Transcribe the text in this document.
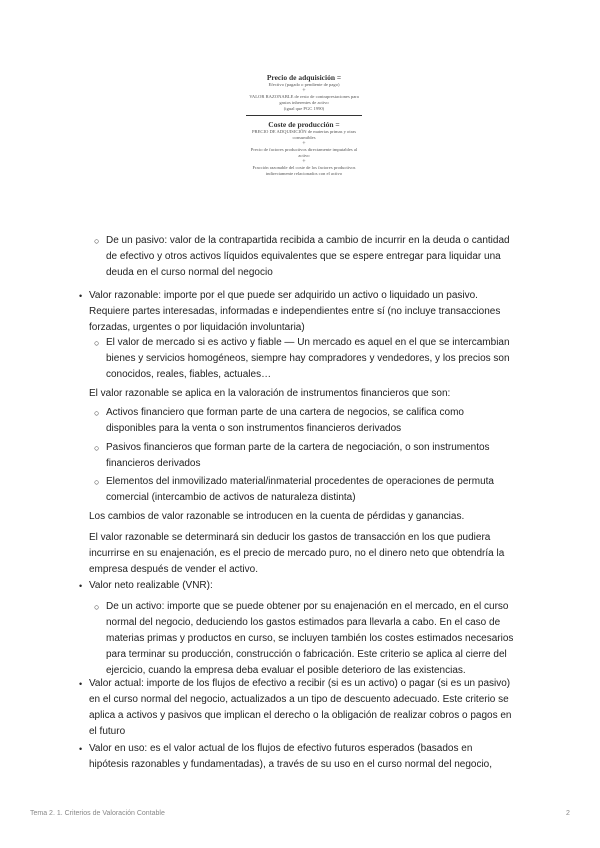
Precio de adquisición =
Efectivo (pagado o pendiente de pago)
+
VALOR RAZONABLE de resto de contraprestaciones para
gastos inherentes de activo
(igual que PGC 1990)
Coste de producción =
PRECIO DE ADQUISICIÓN de materias primas y otras
consumibles
+
Precio de factores productivos directamente imputables al
activo
+
Fracción razonable del coste de los factores productivos
indirectamente relacionados con el activo
○ De un pasivo: valor de la contrapartida recibida a cambio de incurrir en la deuda o cantidad
de efectivo y otros activos líquidos equivalentes que se espere entregar para liquidar una
deuda en el curso normal del negocio
• Valor razonable: importe por el que puede ser adquirido un activo o liquidado un pasivo.
Requiere partes interesadas, informadas e independientes entre sí (no incluye transacciones
forzadas, urgentes o por liquidación involuntaria)
○ El valor de mercado si es activo y fiable — Un mercado es aquel en el que se intercambian
bienes y servicios homogéneos, siempre hay compradores y vendedores, y los precios son
conocidos, reales, fiables, actuales…
El valor razonable se aplica en la valoración de instrumentos financieros que son:
○ Activos financiero que forman parte de una cartera de negocios, se califica como
disponibles para la venta o son instrumentos financieros derivados
○ Pasivos financieros que forman parte de la cartera de negociación, o son instrumentos
financieros derivados
○ Elementos del inmovilizado material/inmaterial procedentes de operaciones de permuta
comercial (intercambio de activos de naturaleza distinta)
Los cambios de valor razonable se introducen en la cuenta de pérdidas y ganancias.
El valor razonable se determinará sin deducir los gastos de transacción en los que pudiera
incurrirse en su enajenación, es el precio de mercado puro, no el dinero neto que obtendría la
empresa después de vender el activo.
• Valor neto realizable (VNR):
○ De un activo: importe que se puede obtener por su enajenación en el mercado, en el curso
normal del negocio, deduciendo los gastos estimados para llevarla a cabo. En el caso de
materias primas y productos en curso, se incluyen también los costes estimados necesarios
para terminar su producción, construcción o fabricación. Este criterio se aplica al cierre del
ejercicio, cuando la empresa deba evaluar el posible deterioro de las existencias.
• Valor actual: importe de los flujos de efectivo a recibir (si es un activo) o pagar (si es un pasivo)
en el curso normal del negocio, actualizados a un tipo de descuento adecuado. Este criterio se
aplica a activos y pasivos que implican el derecho o la obligación de realizar cobros o pagos en
el futuro
• Valor en uso: es el valor actual de los flujos de efectivo futuros esperados (basados en
hipótesis razonables y fundamentadas), a través de su uso en el curso normal del negocio,
Tema 2. 1. Criterios de Valoración Contable	2
